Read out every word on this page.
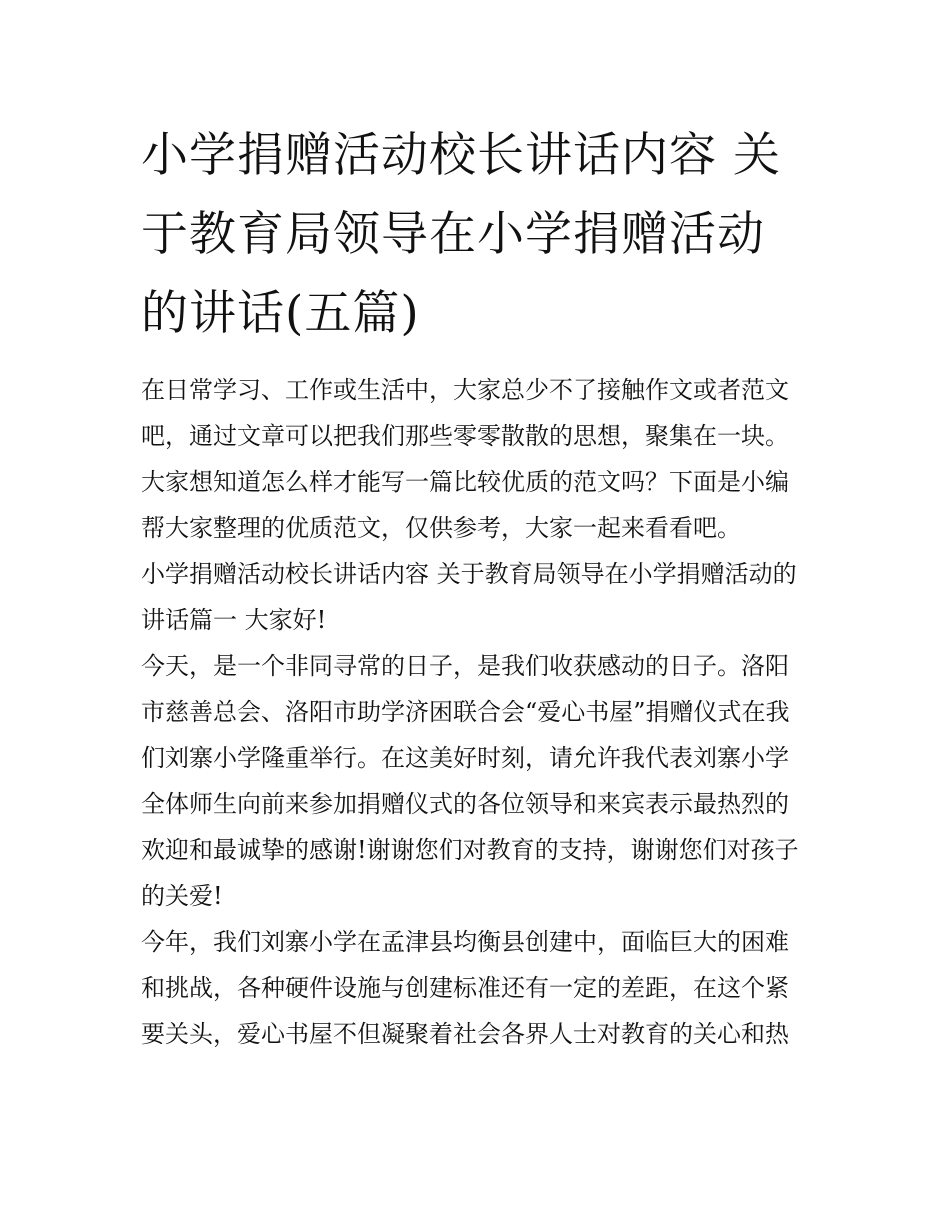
小学捐赠活动校长讲话内容 关于教育局领导在小学捐赠活动的讲话(五篇)

在日常学习、工作或生活中，大家总少不了接触作文或者范文吧，通过文章可以把我们那些零零散散的思想，聚集在一块。大家想知道怎么样才能写一篇比较优质的范文吗？下面是小编帮大家整理的优质范文，仅供参考，大家一起来看看吧。

小学捐赠活动校长讲话内容 关于教育局领导在小学捐赠活动的讲话篇一 大家好!

今天，是一个非同寻常的日子，是我们收获感动的日子。洛阳市慈善总会、洛阳市助学济困联合会“爱心书屋”捐赠仪式在我们刘寨小学隆重举行。在这美好时刻，请允许我代表刘寨小学全体师生向前来参加捐赠仪式的各位领导和来宾表示最热烈的欢迎和最诚挚的感谢!谢谢您们对教育的支持，谢谢您们对孩子的关爱!

今年，我们刘寨小学在孟津县均衡县创建中，面临巨大的困难和挑战，各种硬件设施与创建标准还有一定的差距，在这个紧要关头，爱心书屋不但凝聚着社会各界人士对教育的关心和热
